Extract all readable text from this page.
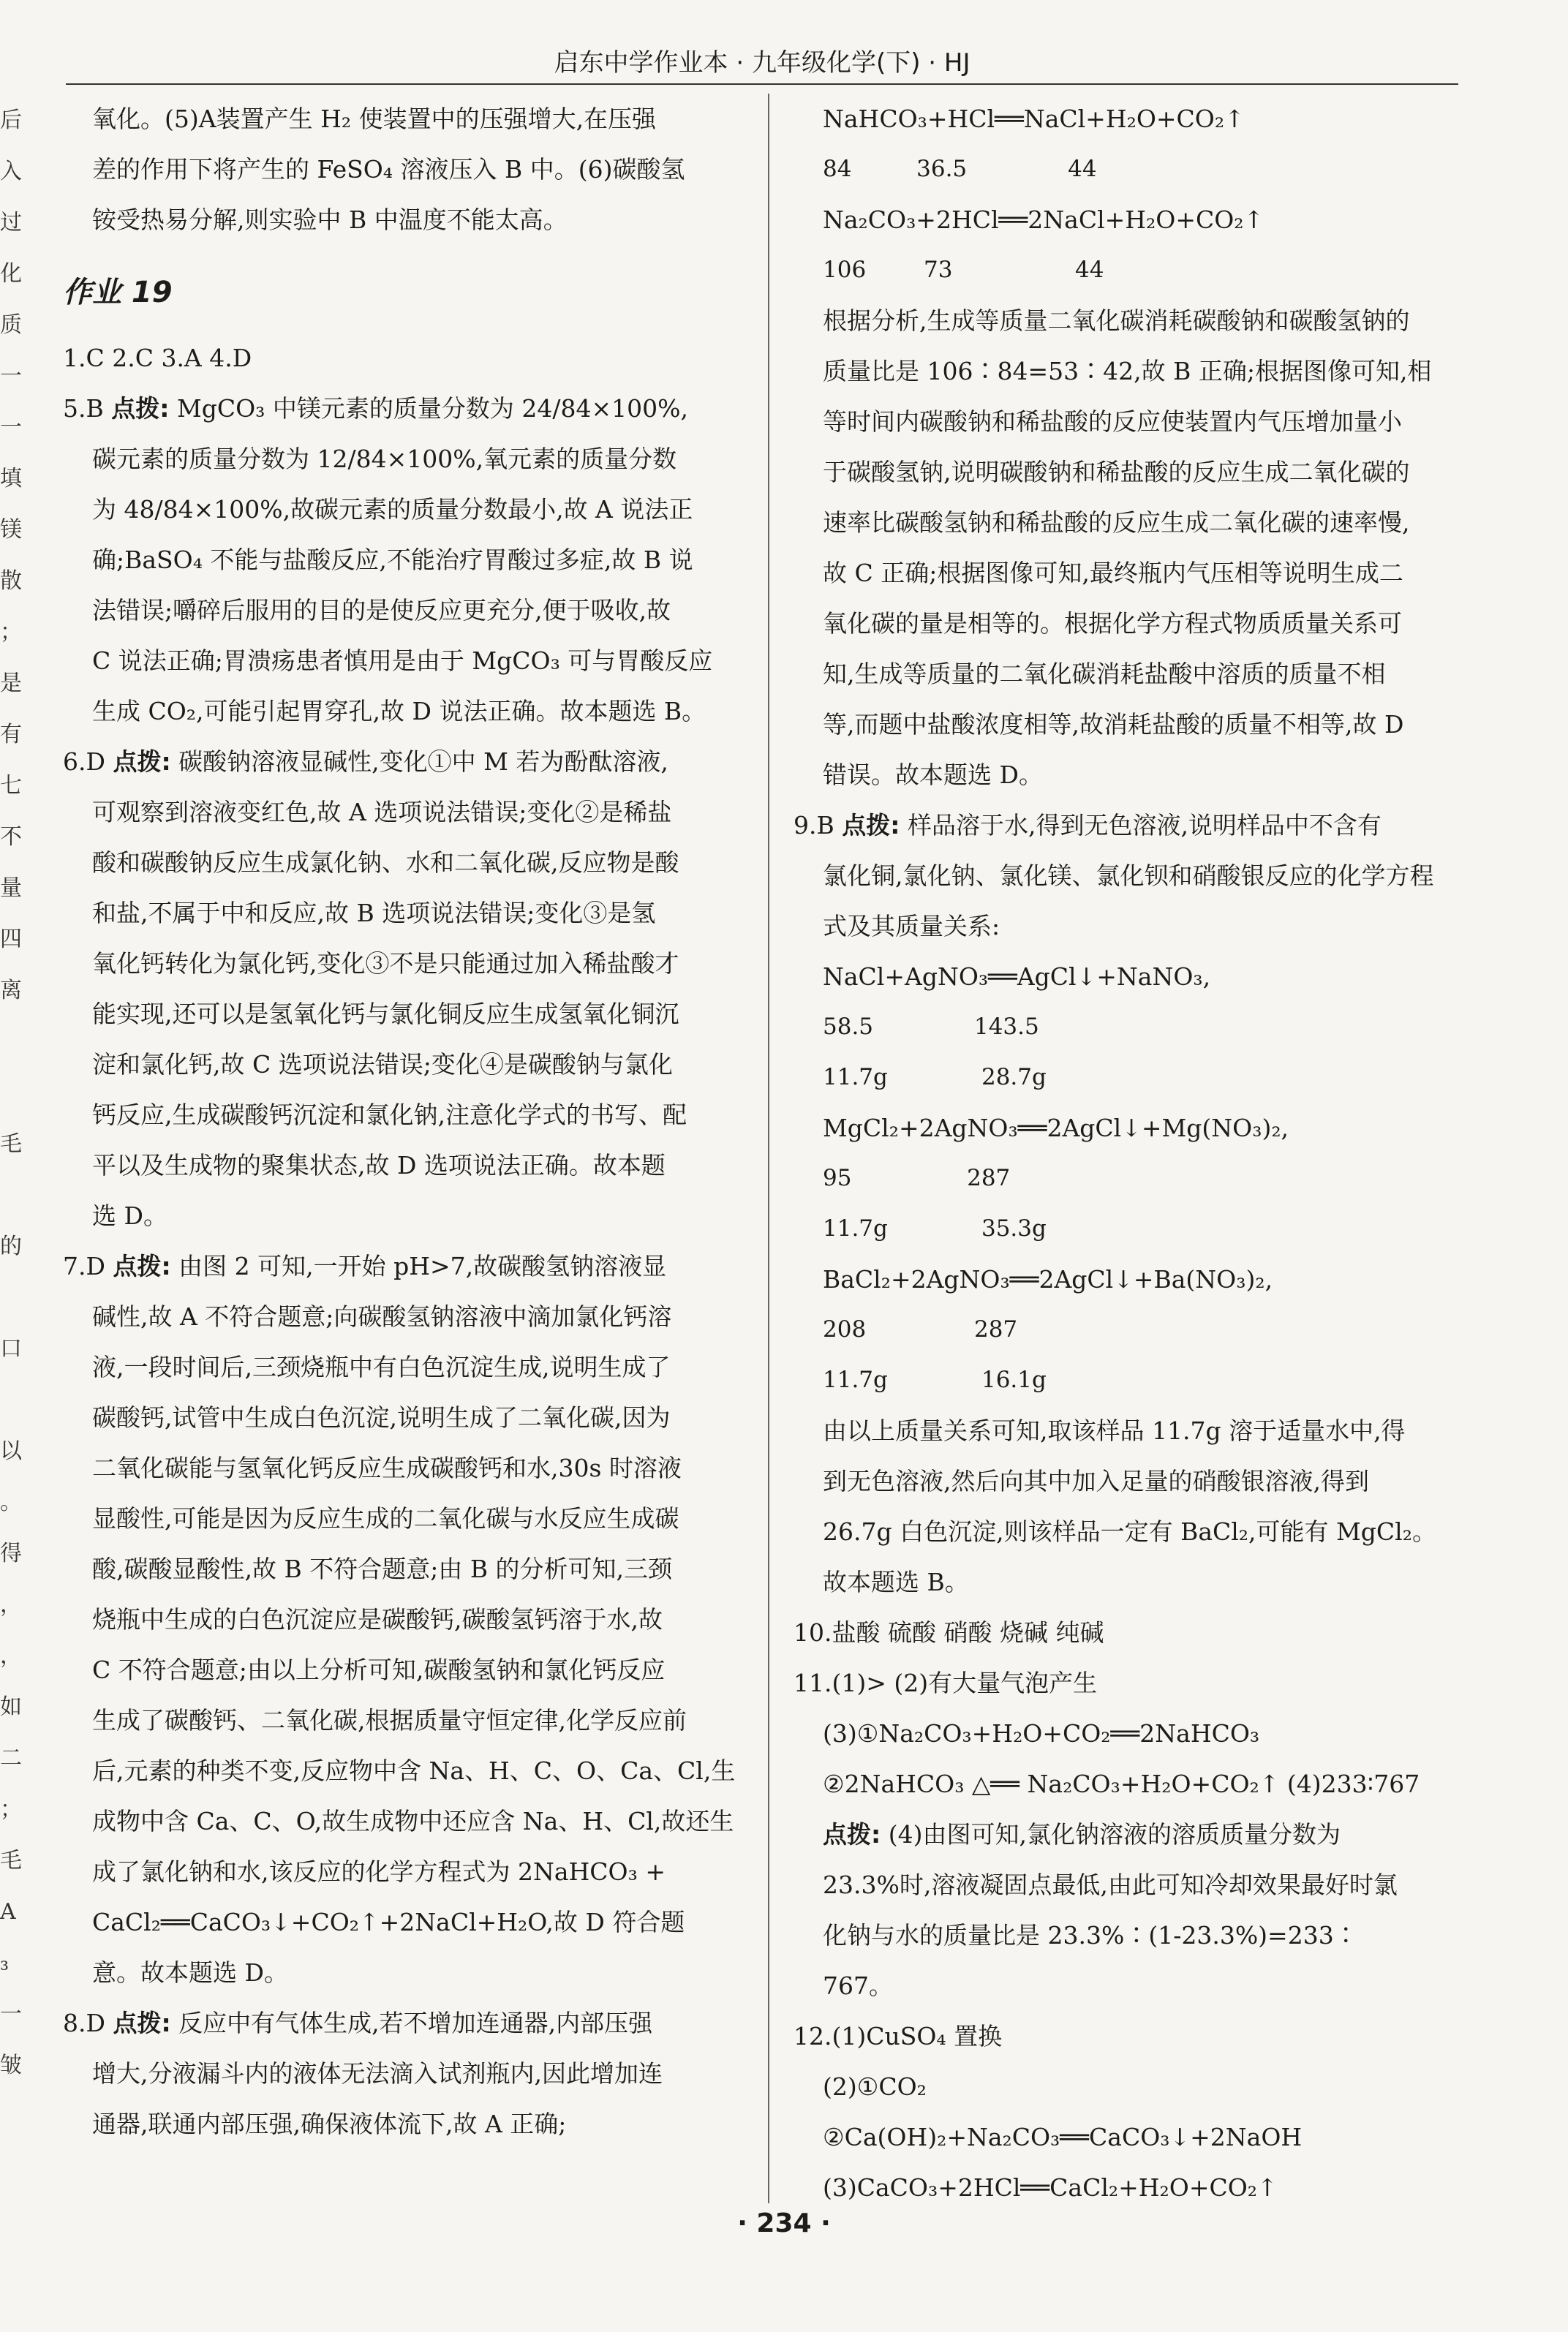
启东中学作业本 · 九年级化学(下) · HJ
后
入
过
化
质
一
一
填
镁
散
；
是
有
七
不
量
四
离
毛
的
口
以
。
得
，
，
如
二
；
毛
A
₃
一
皱

氧化。(5)A装置产生 H₂ 使装置中的压强增大,在压强

差的作用下将产生的 FeSO₄ 溶液压入 B 中。(6)碳酸氢

铵受热易分解,则实验中 B 中温度不能太高。

作业 19

1.C 2.C 3.A 4.D

5.B 点拨: MgCO₃ 中镁元素的质量分数为 24/84×100%,

碳元素的质量分数为 12/84×100%,氧元素的质量分数

为 48/84×100%,故碳元素的质量分数最小,故 A 说法正

确;BaSO₄ 不能与盐酸反应,不能治疗胃酸过多症,故 B 说

法错误;嚼碎后服用的目的是使反应更充分,便于吸收,故

C 说法正确;胃溃疡患者慎用是由于 MgCO₃ 可与胃酸反应

生成 CO₂,可能引起胃穿孔,故 D 说法正确。故本题选 B。

6.D 点拨: 碳酸钠溶液显碱性,变化①中 M 若为酚酞溶液,

可观察到溶液变红色,故 A 选项说法错误;变化②是稀盐

酸和碳酸钠反应生成氯化钠、水和二氧化碳,反应物是酸

和盐,不属于中和反应,故 B 选项说法错误;变化③是氢

氧化钙转化为氯化钙,变化③不是只能通过加入稀盐酸才

能实现,还可以是氢氧化钙与氯化铜反应生成氢氧化铜沉

淀和氯化钙,故 C 选项说法错误;变化④是碳酸钠与氯化

钙反应,生成碳酸钙沉淀和氯化钠,注意化学式的书写、配

平以及生成物的聚集状态,故 D 选项说法正确。故本题

选 D。

7.D 点拨: 由图 2 可知,一开始 pH>7,故碳酸氢钠溶液显

碱性,故 A 不符合题意;向碳酸氢钠溶液中滴加氯化钙溶

液,一段时间后,三颈烧瓶中有白色沉淀生成,说明生成了

碳酸钙,试管中生成白色沉淀,说明生成了二氧化碳,因为

二氧化碳能与氢氧化钙反应生成碳酸钙和水,30s 时溶液

显酸性,可能是因为反应生成的二氧化碳与水反应生成碳

酸,碳酸显酸性,故 B 不符合题意;由 B 的分析可知,三颈

烧瓶中生成的白色沉淀应是碳酸钙,碳酸氢钙溶于水,故

C 不符合题意;由以上分析可知,碳酸氢钠和氯化钙反应

生成了碳酸钙、二氧化碳,根据质量守恒定律,化学反应前

后,元素的种类不变,反应物中含 Na、H、C、O、Ca、Cl,生

成物中含 Ca、C、O,故生成物中还应含 Na、H、Cl,故还生

成了氯化钠和水,该反应的化学方程式为 2NaHCO₃ +

CaCl₂══CaCO₃↓+CO₂↑+2NaCl+H₂O,故 D 符合题

意。故本题选 D。

8.D 点拨: 反应中有气体生成,若不增加连通器,内部压强

增大,分液漏斗内的液体无法滴入试剂瓶内,因此增加连

通器,联通内部压强,确保液体流下,故 A 正确;

NaHCO₃+HCl══NaCl+H₂O+CO₂↑
84         36.5              44
Na₂CO₃+2HCl══2NaCl+H₂O+CO₂↑
106        73                 44

根据分析,生成等质量二氧化碳消耗碳酸钠和碳酸氢钠的

质量比是 106∶84=53∶42,故 B 正确;根据图像可知,相

等时间内碳酸钠和稀盐酸的反应使装置内气压增加量小

于碳酸氢钠,说明碳酸钠和稀盐酸的反应生成二氧化碳的

速率比碳酸氢钠和稀盐酸的反应生成二氧化碳的速率慢,

故 C 正确;根据图像可知,最终瓶内气压相等说明生成二

氧化碳的量是相等的。根据化学方程式物质质量关系可

知,生成等质量的二氧化碳消耗盐酸中溶质的质量不相

等,而题中盐酸浓度相等,故消耗盐酸的质量不相等,故 D

错误。故本题选 D。

9.B 点拨: 样品溶于水,得到无色溶液,说明样品中不含有

氯化铜,氯化钠、氯化镁、氯化钡和硝酸银反应的化学方程

式及其质量关系:

NaCl+AgNO₃══AgCl↓+NaNO₃,
58.5              143.5
11.7g             28.7g
MgCl₂+2AgNO₃══2AgCl↓+Mg(NO₃)₂,
95                287
11.7g             35.3g
BaCl₂+2AgNO₃══2AgCl↓+Ba(NO₃)₂,
208               287
11.7g             16.1g

由以上质量关系可知,取该样品 11.7g 溶于适量水中,得

到无色溶液,然后向其中加入足量的硝酸银溶液,得到

26.7g 白色沉淀,则该样品一定有 BaCl₂,可能有 MgCl₂。

故本题选 B。

10.盐酸 硫酸 硝酸 烧碱 纯碱

11.(1)> (2)有大量气泡产生

(3)①Na₂CO₃+H₂O+CO₂══2NaHCO₃

②2NaHCO₃ △══ Na₂CO₃+H₂O+CO₂↑ (4)233∶767

点拨: (4)由图可知,氯化钠溶液的溶质质量分数为

23.3%时,溶液凝固点最低,由此可知冷却效果最好时氯

化钠与水的质量比是 23.3%∶(1-23.3%)=233∶

767。

12.(1)CuSO₄ 置换

(2)①CO₂

②Ca(OH)₂+Na₂CO₃══CaCO₃↓+2NaOH

(3)CaCO₃+2HCl══CaCl₂+H₂O+CO₂↑

· 234 ·
